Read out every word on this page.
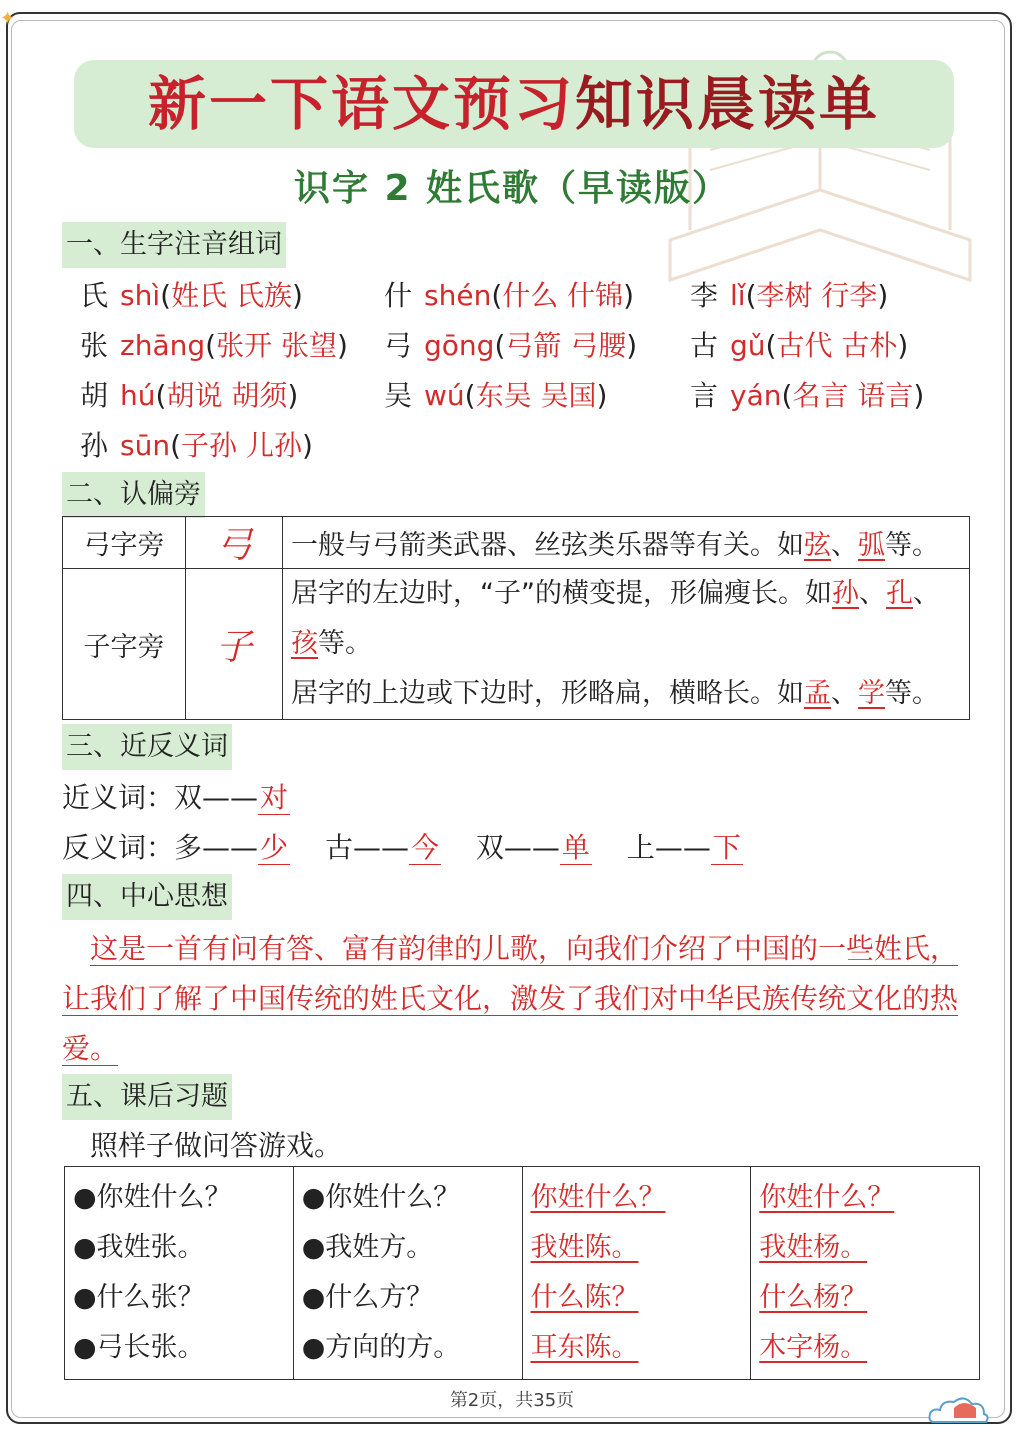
✦
新一下语文预习知识晨读单
识字 2 姓氏歌（早读版）
一、生字注音组词
氏 shì(姓氏 氏族)	什 shén(什么 什锦) 李 lǐ(李树 行李)
张 zhāng(张开 张望) 弓 gōng(弓箭 弓腰) 古 gǔ(古代 古朴)
胡 hú(胡说 胡须)	吴 wú(东吴 吴国)	言 yán(名言 语言)
孙 sūn(子孙 儿孙)
二、认偏旁
弓字旁	弓	一般与弓箭类武器、丝弦类乐器等有关。如弦、弧等。
子字旁	子	居字的左边时，“子”的横变提，形偏瘦长。如孙、孔、
孩等。
居字的上边或下边时，形略扁，横略长。如孟、学等。
三、近反义词
近义词：双——对
反义词：多——少 古——今 双——单 上——下
四、中心思想
这是一首有问有答、富有韵律的儿歌，向我们介绍了中国的一些姓氏，
让我们了解了中国传统的姓氏文化，激发了我们对中华民族传统文化的热
爱。
五、课后习题
照样子做问答游戏。
●你姓什么？
●我姓张。
●什么张？
●弓长张。

●你姓什么？
●我姓方。
●什么方？
●方向的方。

你姓什么？
我姓陈。
什么陈？
耳东陈。

你姓什么？
我姓杨。
什么杨？
木字杨。
第2页，共35页
